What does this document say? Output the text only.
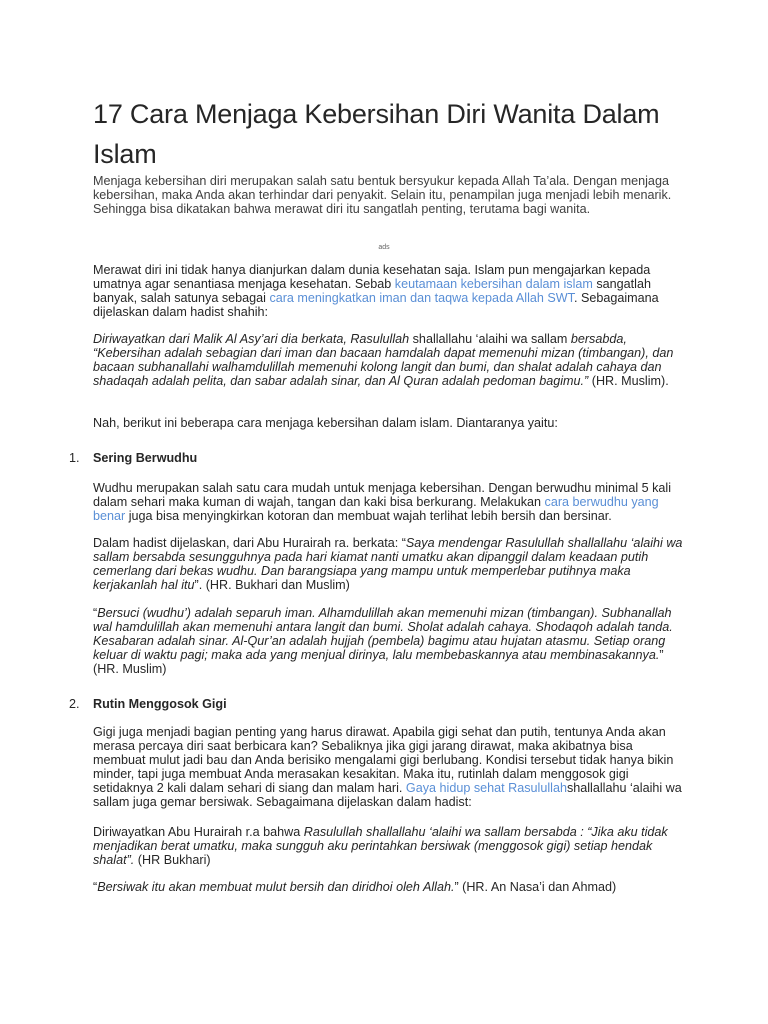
17 Cara Menjaga Kebersihan Diri Wanita Dalam Islam

Menjaga kebersihan diri merupakan salah satu bentuk bersyukur kepada Allah Ta’ala. Dengan menjaga kebersihan, maka Anda akan terhindar dari penyakit. Selain itu, penampilan juga menjadi lebih menarik. Sehingga bisa dikatakan bahwa merawat diri itu sangatlah penting, terutama bagi wanita.

ads

Merawat diri ini tidak hanya dianjurkan dalam dunia kesehatan saja. Islam pun mengajarkan kepada umatnya agar senantiasa menjaga kesehatan. Sebab keutamaan kebersihan dalam islam sangatlah banyak, salah satunya sebagai cara meningkatkan iman dan taqwa kepada Allah SWT. Sebagaimana dijelaskan dalam hadist shahih:

Diriwayatkan dari Malik Al Asy’ari dia berkata, Rasulullah shallallahu ‘alaihi wa sallam bersabda, “Kebersihan adalah sebagian dari iman dan bacaan hamdalah dapat memenuhi mizan (timbangan), dan bacaan subhanallahi walhamdulillah memenuhi kolong langit dan bumi, dan shalat adalah cahaya dan shadaqah adalah pelita, dan sabar adalah sinar, dan Al Quran adalah pedoman bagimu.” (HR. Muslim).

Nah, berikut ini beberapa cara menjaga kebersihan dalam islam. Diantaranya yaitu:

1. Sering Berwudhu

Wudhu merupakan salah satu cara mudah untuk menjaga kebersihan. Dengan berwudhu minimal 5 kali dalam sehari maka kuman di wajah, tangan dan kaki bisa berkurang. Melakukan cara berwudhu yang benar juga bisa menyingkirkan kotoran dan membuat wajah terlihat lebih bersih dan bersinar.

Dalam hadist dijelaskan, dari Abu Hurairah ra. berkata: “Saya mendengar Rasulullah shallallahu ‘alaihi wa sallam bersabda sesungguhnya pada hari kiamat nanti umatku akan dipanggil dalam keadaan putih cemerlang dari bekas wudhu. Dan barangsiapa yang mampu untuk memperlebar putihnya maka kerjakanlah hal itu”. (HR. Bukhari dan Muslim)

“Bersuci (wudhu’) adalah separuh iman. Alhamdulillah akan memenuhi mizan (timbangan). Subhanallah wal hamdulillah akan memenuhi antara langit dan bumi. Sholat adalah cahaya. Shodaqoh adalah tanda. Kesabaran adalah sinar. Al-Qur’an adalah hujjah (pembela) bagimu atau hujatan atasmu. Setiap orang keluar di waktu pagi; maka ada yang menjual dirinya, lalu membebaskannya atau membinasakannya.” (HR. Muslim)

2. Rutin Menggosok Gigi

Gigi juga menjadi bagian penting yang harus dirawat. Apabila gigi sehat dan putih, tentunya Anda akan merasa percaya diri saat berbicara kan? Sebaliknya jika gigi jarang dirawat, maka akibatnya bisa membuat mulut jadi bau dan Anda berisiko mengalami gigi berlubang. Kondisi tersebut tidak hanya bikin minder, tapi juga membuat Anda merasakan kesakitan. Maka itu, rutinlah dalam menggosok gigi setidaknya 2 kali dalam sehari di siang dan malam hari. Gaya hidup sehat Rasulullahshallallahu ‘alaihi wa sallam juga gemar bersiwak. Sebagaimana dijelaskan dalam hadist:

Diriwayatkan Abu Hurairah r.a bahwa Rasulullah shallallahu ‘alaihi wa sallam bersabda : “Jika aku tidak menjadikan berat umatku, maka sungguh aku perintahkan bersiwak (menggosok gigi) setiap hendak shalat”. (HR Bukhari)

“Bersiwak itu akan membuat mulut bersih dan diridhoi oleh Allah.” (HR. An Nasa’i dan Ahmad)
